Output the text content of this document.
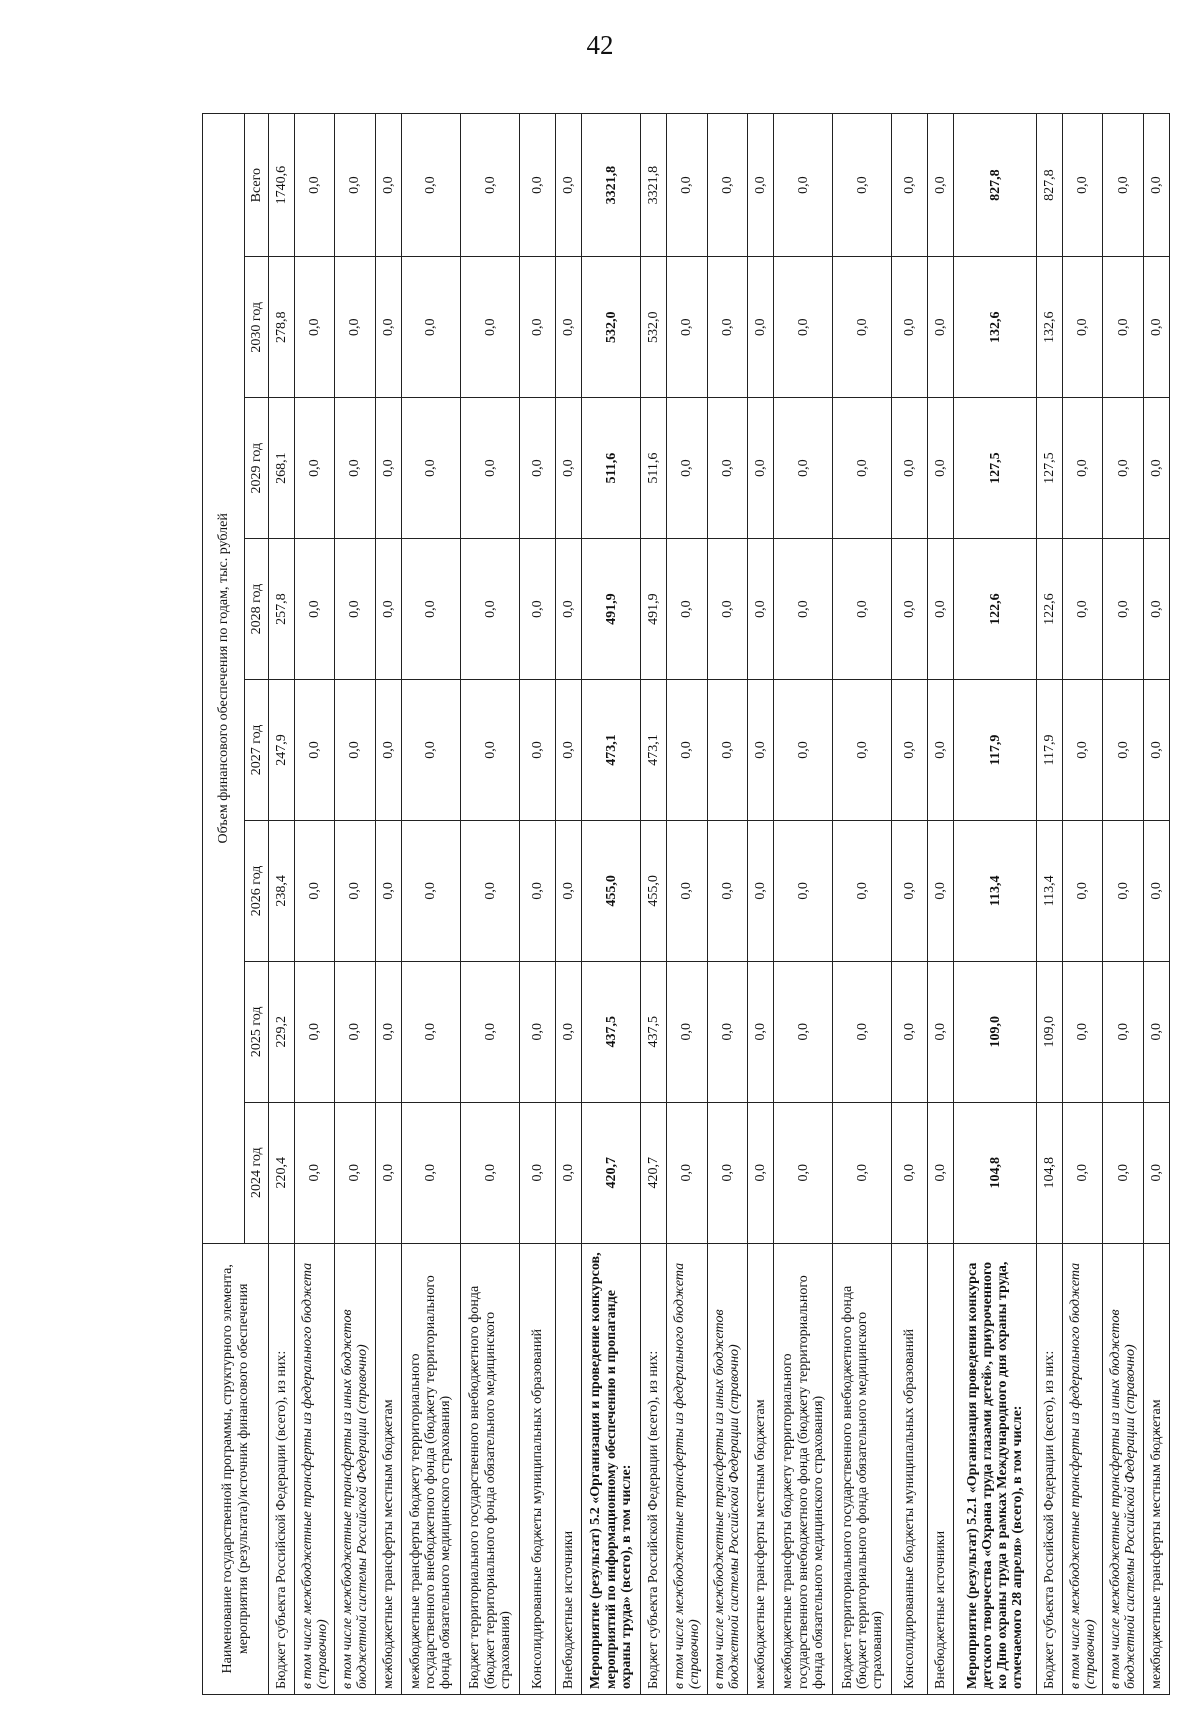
42
Наименование государственной программы, структурного элемента, мероприятия (результата)/источник финансового обеспечения	Объем финансового обеспечения по годам, тыс. рублей							
	2024 год	2025 год	2026 год	2027 год	2028 год	2029 год	2030 год	Всего
Бюджет субъекта Российской Федерации (всего), из них:	220,4	229,2	238,4	247,9	257,8	268,1	278,8	1740,6
в том числе межбюджетные трансферты из федерального бюджета (справочно)	0,0	0,0	0,0	0,0	0,0	0,0	0,0	0,0
в том числе межбюджетные трансферты из иных бюджетов бюджетной системы Российской Федерации (справочно)	0,0	0,0	0,0	0,0	0,0	0,0	0,0	0,0
межбюджетные трансферты местным бюджетам	0,0	0,0	0,0	0,0	0,0	0,0	0,0	0,0
межбюджетные трансферты бюджету территориального государственного внебюджетного фонда (бюджету территориального фонда обязательного медицинского страхования)	0,0	0,0	0,0	0,0	0,0	0,0	0,0	0,0
Бюджет территориального государственного внебюджетного фонда (бюджет территориального фонда обязательного медицинского страхования)	0,0	0,0	0,0	0,0	0,0	0,0	0,0	0,0
Консолидированные бюджеты муниципальных образований	0,0	0,0	0,0	0,0	0,0	0,0	0,0	0,0
Внебюджетные источники	0,0	0,0	0,0	0,0	0,0	0,0	0,0	0,0
Мероприятие (результат) 5.2 «Организация и проведение конкурсов, мероприятий по информационному обеспечению и пропаганде охраны труда» (всего), в том числе:	420,7	437,5	455,0	473,1	491,9	511,6	532,0	3321,8
Бюджет субъекта Российской Федерации (всего), из них:	420,7	437,5	455,0	473,1	491,9	511,6	532,0	3321,8
в том числе межбюджетные трансферты из федерального бюджета (справочно)	0,0	0,0	0,0	0,0	0,0	0,0	0,0	0,0
в том числе межбюджетные трансферты из иных бюджетов бюджетной системы Российской Федерации (справочно)	0,0	0,0	0,0	0,0	0,0	0,0	0,0	0,0
межбюджетные трансферты местным бюджетам	0,0	0,0	0,0	0,0	0,0	0,0	0,0	0,0
межбюджетные трансферты бюджету территориального государственного внебюджетного фонда (бюджету территориального фонда обязательного медицинского страхования)	0,0	0,0	0,0	0,0	0,0	0,0	0,0	0,0
Бюджет территориального государственного внебюджетного фонда (бюджет территориального фонда обязательного медицинского страхования)	0,0	0,0	0,0	0,0	0,0	0,0	0,0	0,0
Консолидированные бюджеты муниципальных образований	0,0	0,0	0,0	0,0	0,0	0,0	0,0	0,0
Внебюджетные источники	0,0	0,0	0,0	0,0	0,0	0,0	0,0	0,0
Мероприятие (результат) 5.2.1 «Организация проведения конкурса детского творчества «Охрана труда глазами детей», приуроченного ко Дню охраны труда в рамках Международного дня охраны труда, отмечаемого 28 апреля» (всего), в том числе:	104,8	109,0	113,4	117,9	122,6	127,5	132,6	827,8
Бюджет субъекта Российской Федерации (всего), из них:	104,8	109,0	113,4	117,9	122,6	127,5	132,6	827,8
в том числе межбюджетные трансферты из федерального бюджета (справочно)	0,0	0,0	0,0	0,0	0,0	0,0	0,0	0,0
в том числе межбюджетные трансферты из иных бюджетов бюджетной системы Российской Федерации (справочно)	0,0	0,0	0,0	0,0	0,0	0,0	0,0	0,0
межбюджетные трансферты местным бюджетам	0,0	0,0	0,0	0,0	0,0	0,0	0,0	0,0
